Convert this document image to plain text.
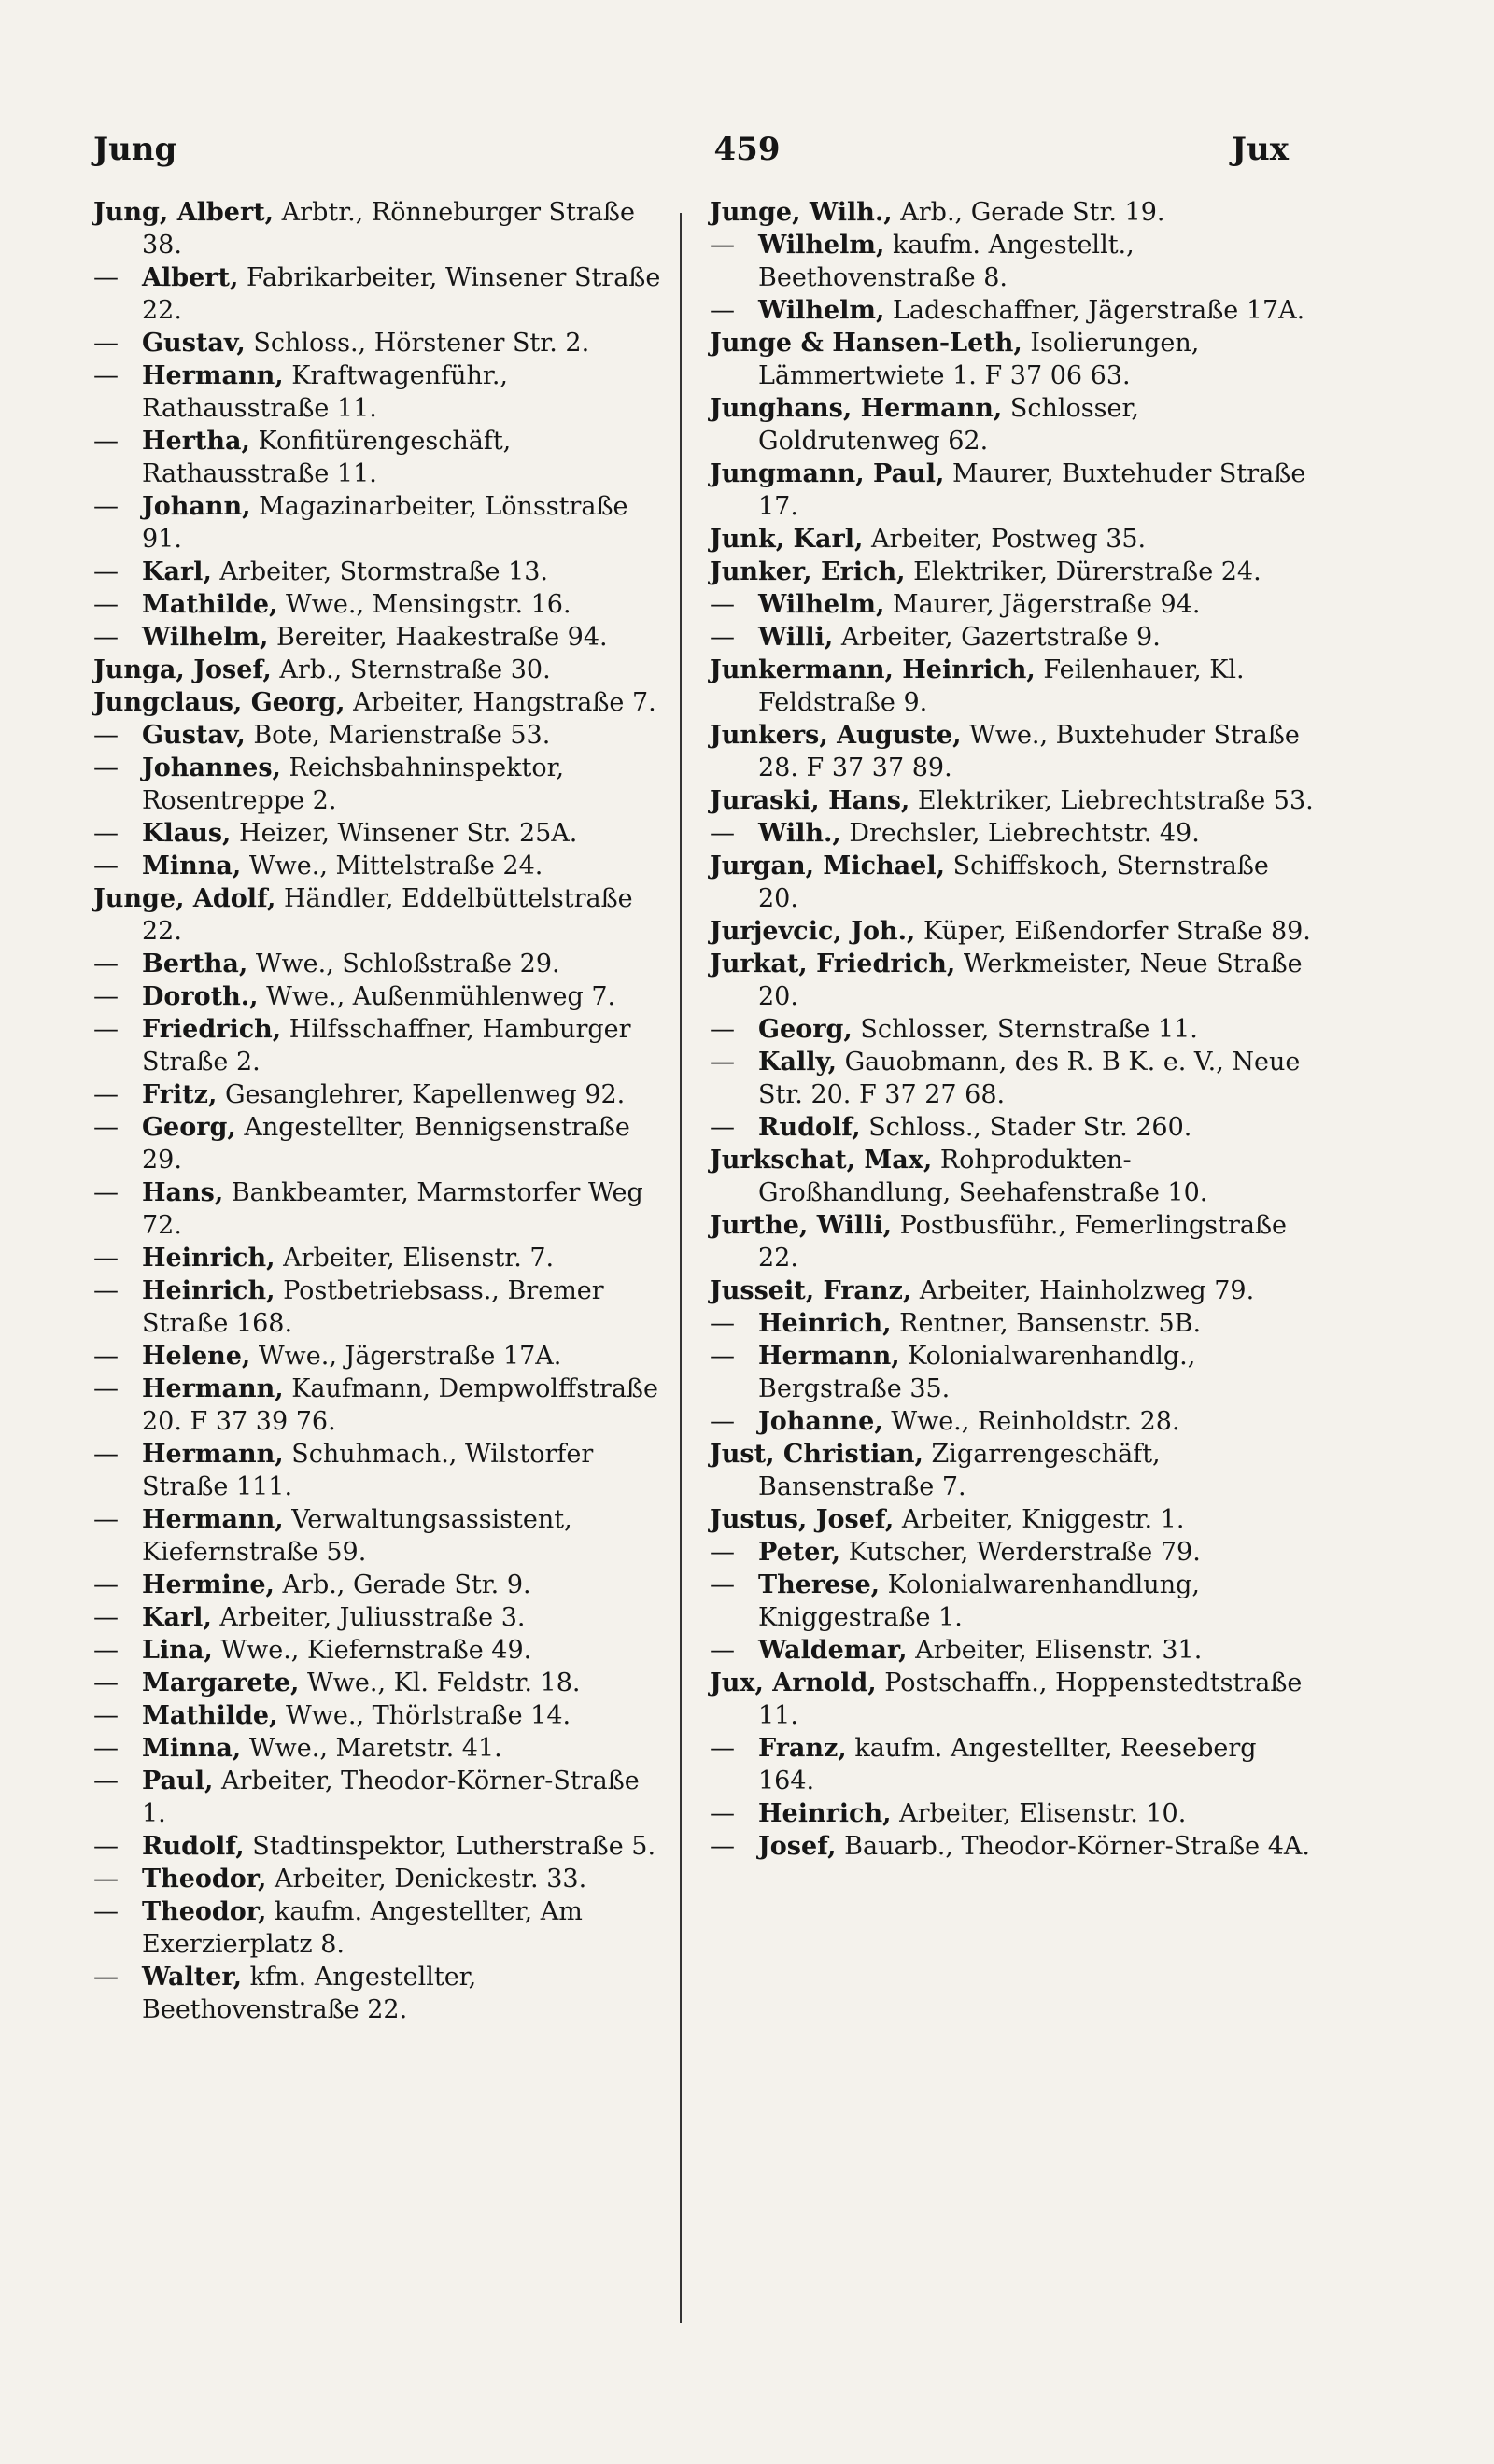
Jung	459	Jux
Jung, Albert, Arbtr., Rönneburger Straße 38.
— Albert, Fabrikarbeiter, Winsener Straße 22.
— Gustav, Schloss., Hörstener Str. 2.
— Hermann, Kraftwagenführ., Rathausstraße 11.
— Hertha, Konfitürengeschäft, Rathausstraße 11.
— Johann, Magazinarbeiter, Lönsstraße 91.
— Karl, Arbeiter, Stormstraße 13.
— Mathilde, Wwe., Mensingstr. 16.
— Wilhelm, Bereiter, Haakestraße 94.
Junga, Josef, Arb., Sternstraße 30.
Jungclaus, Georg, Arbeiter, Hangstraße 7.
— Gustav, Bote, Marienstraße 53.
— Johannes, Reichsbahninspektor, Rosentreppe 2.
— Klaus, Heizer, Winsener Str. 25A.
— Minna, Wwe., Mittelstraße 24.
Junge, Adolf, Händler, Eddelbüttelstraße 22.
— Bertha, Wwe., Schloßstraße 29.
— Doroth., Wwe., Außenmühlenweg 7.
— Friedrich, Hilfsschaffner, Hamburger Straße 2.
— Fritz, Gesanglehrer, Kapellenweg 92.
— Georg, Angestellter, Bennigsenstraße 29.
— Hans, Bankbeamter, Marmstorfer Weg 72.
— Heinrich, Arbeiter, Elisenstr. 7.
— Heinrich, Postbetriebsass., Bremer Straße 168.
— Helene, Wwe., Jägerstraße 17A.
— Hermann, Kaufmann, Dempwolffstraße 20. F 37 39 76.
— Hermann, Schuhmach., Wilstorfer Straße 111.
— Hermann, Verwaltungsassistent, Kiefernstraße 59.
— Hermine, Arb., Gerade Str. 9.
— Karl, Arbeiter, Juliusstraße 3.
— Lina, Wwe., Kiefernstraße 49.
— Margarete, Wwe., Kl. Feldstr. 18.
— Mathilde, Wwe., Thörlstraße 14.
— Minna, Wwe., Maretstr. 41.
— Paul, Arbeiter, Theodor-Körner-Straße 1.
— Rudolf, Stadtinspektor, Lutherstraße 5.
— Theodor, Arbeiter, Denickestr. 33.
— Theodor, kaufm. Angestellter, Am Exerzierplatz 8.
— Walter, kfm. Angestellter, Beethovenstraße 22.
Junge, Wilh., Arb., Gerade Str. 19.
— Wilhelm, kaufm. Angestellt., Beethovenstraße 8.
— Wilhelm, Ladeschaffner, Jägerstraße 17A.
Junge & Hansen-Leth, Isolierungen, Lämmertwiete 1. F 37 06 63.
Junghans, Hermann, Schlosser, Goldrutenweg 62.
Jungmann, Paul, Maurer, Buxtehuder Straße 17.
Junk, Karl, Arbeiter, Postweg 35.
Junker, Erich, Elektriker, Dürerstraße 24.
— Wilhelm, Maurer, Jägerstraße 94.
— Willi, Arbeiter, Gazertstraße 9.
Junkermann, Heinrich, Feilenhauer, Kl. Feldstraße 9.
Junkers, Auguste, Wwe., Buxtehuder Straße 28. F 37 37 89.
Juraski, Hans, Elektriker, Liebrechtstraße 53.
— Wilh., Drechsler, Liebrechtstr. 49.
Jurgan, Michael, Schiffskoch, Sternstraße 20.
Jurjevcic, Joh., Küper, Eißendorfer Straße 89.
Jurkat, Friedrich, Werkmeister, Neue Straße 20.
— Georg, Schlosser, Sternstraße 11.
— Kally, Gauobmann, des R. B K. e. V., Neue Str. 20. F 37 27 68.
— Rudolf, Schloss., Stader Str. 260.
Jurkschat, Max, Rohprodukten-Großhandlung, Seehafenstraße 10.
Jurthe, Willi, Postbusführ., Femerlingstraße 22.
Jusseit, Franz, Arbeiter, Hainholzweg 79.
— Heinrich, Rentner, Bansenstr. 5B.
— Hermann, Kolonialwarenhandlg., Bergstraße 35.
— Johanne, Wwe., Reinholdstr. 28.
Just, Christian, Zigarrengeschäft, Bansenstraße 7.
Justus, Josef, Arbeiter, Kniggestr. 1.
— Peter, Kutscher, Werderstraße 79.
— Therese, Kolonialwarenhandlung, Kniggestraße 1.
— Waldemar, Arbeiter, Elisenstr. 31.
Jux, Arnold, Postschaffn., Hoppenstedtstraße 11.
— Franz, kaufm. Angestellter, Reeseberg 164.
— Heinrich, Arbeiter, Elisenstr. 10.
— Josef, Bauarb., Theodor-Körner-Straße 4A.
